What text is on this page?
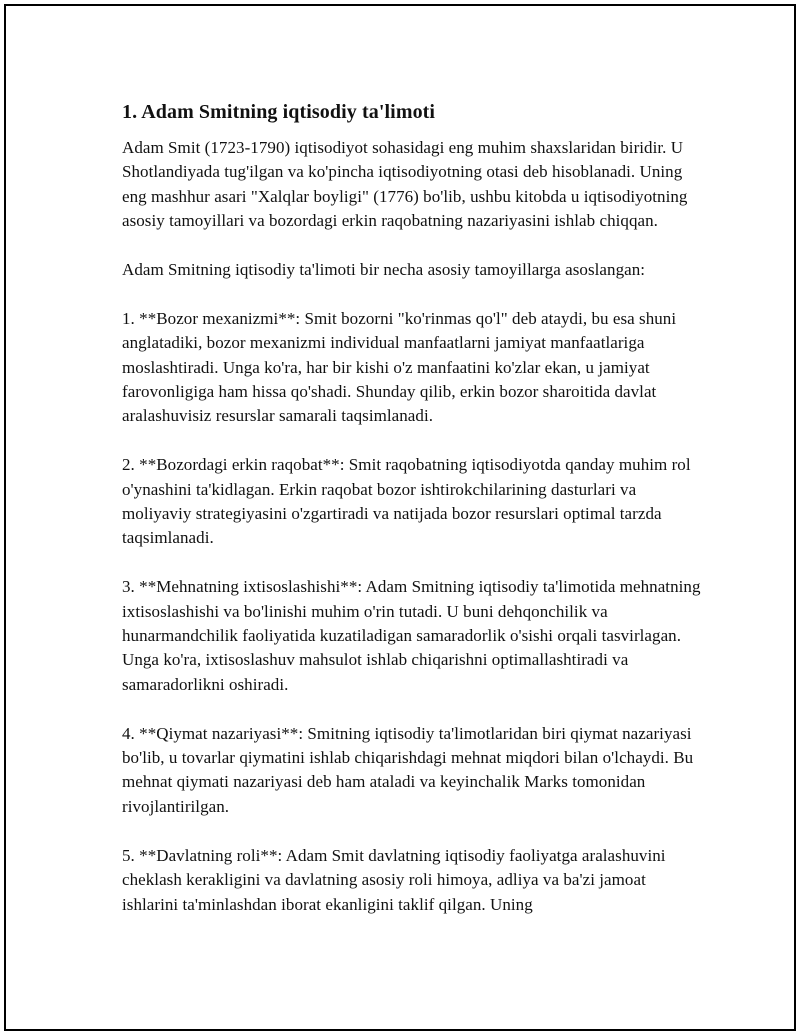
1. Adam Smitning iqtisodiy ta'limoti

Adam Smit (1723-1790) iqtisodiyot sohasidagi eng muhim shaxslaridan biridir. U Shotlandiyada tug'ilgan va ko'pincha iqtisodiyotning otasi deb hisoblanadi. Uning eng mashhur asari "Xalqlar boyligi" (1776) bo'lib, ushbu kitobda u iqtisodiyotning asosiy tamoyillari va bozordagi erkin raqobatning nazariyasini ishlab chiqqan.

Adam Smitning iqtisodiy ta'limoti bir necha asosiy tamoyillarga asoslangan:

1. **Bozor mexanizmi**: Smit bozorni "ko'rinmas qo'l" deb ataydi, bu esa shuni anglatadiki, bozor mexanizmi individual manfaatlarni jamiyat manfaatlariga moslashtiradi. Unga ko'ra, har bir kishi o'z manfaatini ko'zlar ekan, u jamiyat farovonligiga ham hissa qo'shadi. Shunday qilib, erkin bozor sharoitida davlat aralashuvisiz resurslar samarali taqsimlanadi.

2. **Bozordagi erkin raqobat**: Smit raqobatning iqtisodiyotda qanday muhim rol o'ynashini ta'kidlagan. Erkin raqobat bozor ishtirokchilarining dasturlari va moliyaviy strategiyasini o'zgartiradi va natijada bozor resurslari optimal tarzda taqsimlanadi.

3. **Mehnatning ixtisoslashishi**: Adam Smitning iqtisodiy ta'limotida mehnatning ixtisoslashishi va bo'linishi muhim o'rin tutadi. U buni dehqonchilik va hunarmandchilik faoliyatida kuzatiladigan samaradorlik o'sishi orqali tasvirlagan. Unga ko'ra, ixtisoslashuv mahsulot ishlab chiqarishni optimallashtiradi va samaradorlikni oshiradi.

4. **Qiymat nazariyasi**: Smitning iqtisodiy ta'limotlaridan biri qiymat nazariyasi bo'lib, u tovarlar qiymatini ishlab chiqarishdagi mehnat miqdori bilan o'lchaydi. Bu mehnat qiymati nazariyasi deb ham ataladi va keyinchalik Marks tomonidan rivojlantirilgan.

5. **Davlatning roli**: Adam Smit davlatning iqtisodiy faoliyatga aralashuvini cheklash kerakligini va davlatning asosiy roli himoya, adliya va ba'zi jamoat ishlarini ta'minlashdan iborat ekanligini taklif qilgan. Uning
